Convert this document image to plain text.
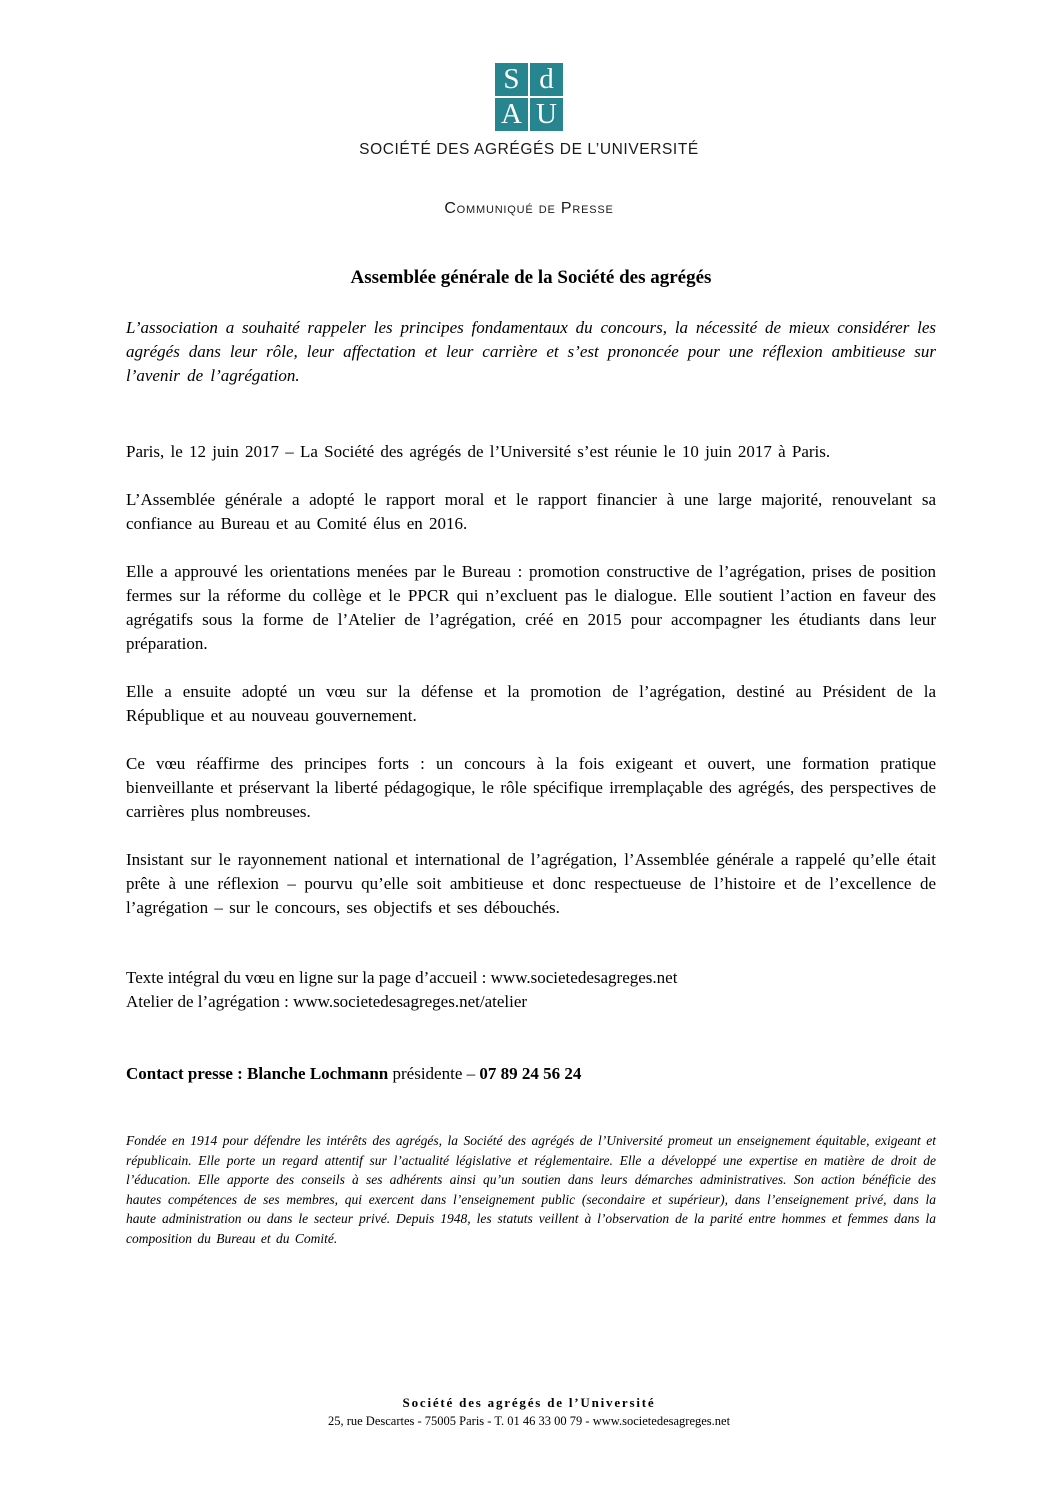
S d
A U
SOCIÉTÉ DES AGRÉGÉS DE L’UNIVERSITÉ
Communiqué de Presse
Assemblée générale de la Société des agrégés

L’association a souhaité rappeler les principes fondamentaux du concours, la nécessité de mieux considérer les agrégés dans leur rôle, leur affectation et leur carrière et s’est prononcée pour une réflexion ambitieuse sur l’avenir de l’agrégation.

Paris, le 12 juin 2017 – La Société des agrégés de l’Université s’est réunie le 10 juin 2017 à Paris.

L’Assemblée générale a adopté le rapport moral et le rapport financier à une large majorité, renouvelant sa confiance au Bureau et au Comité élus en 2016.

Elle a approuvé les orientations menées par le Bureau : promotion constructive de l’agrégation, prises de position fermes sur la réforme du collège et le PPCR qui n’excluent pas le dialogue. Elle soutient l’action en faveur des agrégatifs sous la forme de l’Atelier de l’agrégation, créé en 2015 pour accompagner les étudiants dans leur préparation.

Elle a ensuite adopté un vœu sur la défense et la promotion de l’agrégation, destiné au Président de la République et au nouveau gouvernement.

Ce vœu réaffirme des principes forts : un concours à la fois exigeant et ouvert, une formation pratique bienveillante et préservant la liberté pédagogique, le rôle spécifique irremplaçable des agrégés, des perspectives de carrières plus nombreuses.

Insistant sur le rayonnement national et international de l’agrégation, l’Assemblée générale a rappelé qu’elle était prête à une réflexion – pourvu qu’elle soit ambitieuse et donc respectueuse de l’histoire et de l’excellence de l’agrégation – sur le concours, ses objectifs et ses débouchés.

Texte intégral du vœu en ligne sur la page d’accueil : www.societedesagreges.net
Atelier de l’agrégation : www.societedesagreges.net/atelier

Contact presse : Blanche Lochmann présidente – 07 89 24 56 24

Fondée en 1914 pour défendre les intérêts des agrégés, la Société des agrégés de l’Université promeut un enseignement équitable, exigeant et républicain. Elle porte un regard attentif sur l’actualité législative et réglementaire. Elle a développé une expertise en matière de droit de l’éducation. Elle apporte des conseils à ses adhérents ainsi qu’un soutien dans leurs démarches administratives. Son action bénéficie des hautes compétences de ses membres, qui exercent dans l’enseignement public (secondaire et supérieur), dans l’enseignement privé, dans la haute administration ou dans le secteur privé. Depuis 1948, les statuts veillent à l’observation de la parité entre hommes et femmes dans la composition du Bureau et du Comité.

Société des agrégés de l’Université
25, rue Descartes - 75005 Paris - T. 01 46 33 00 79 - www.societedesagreges.net
